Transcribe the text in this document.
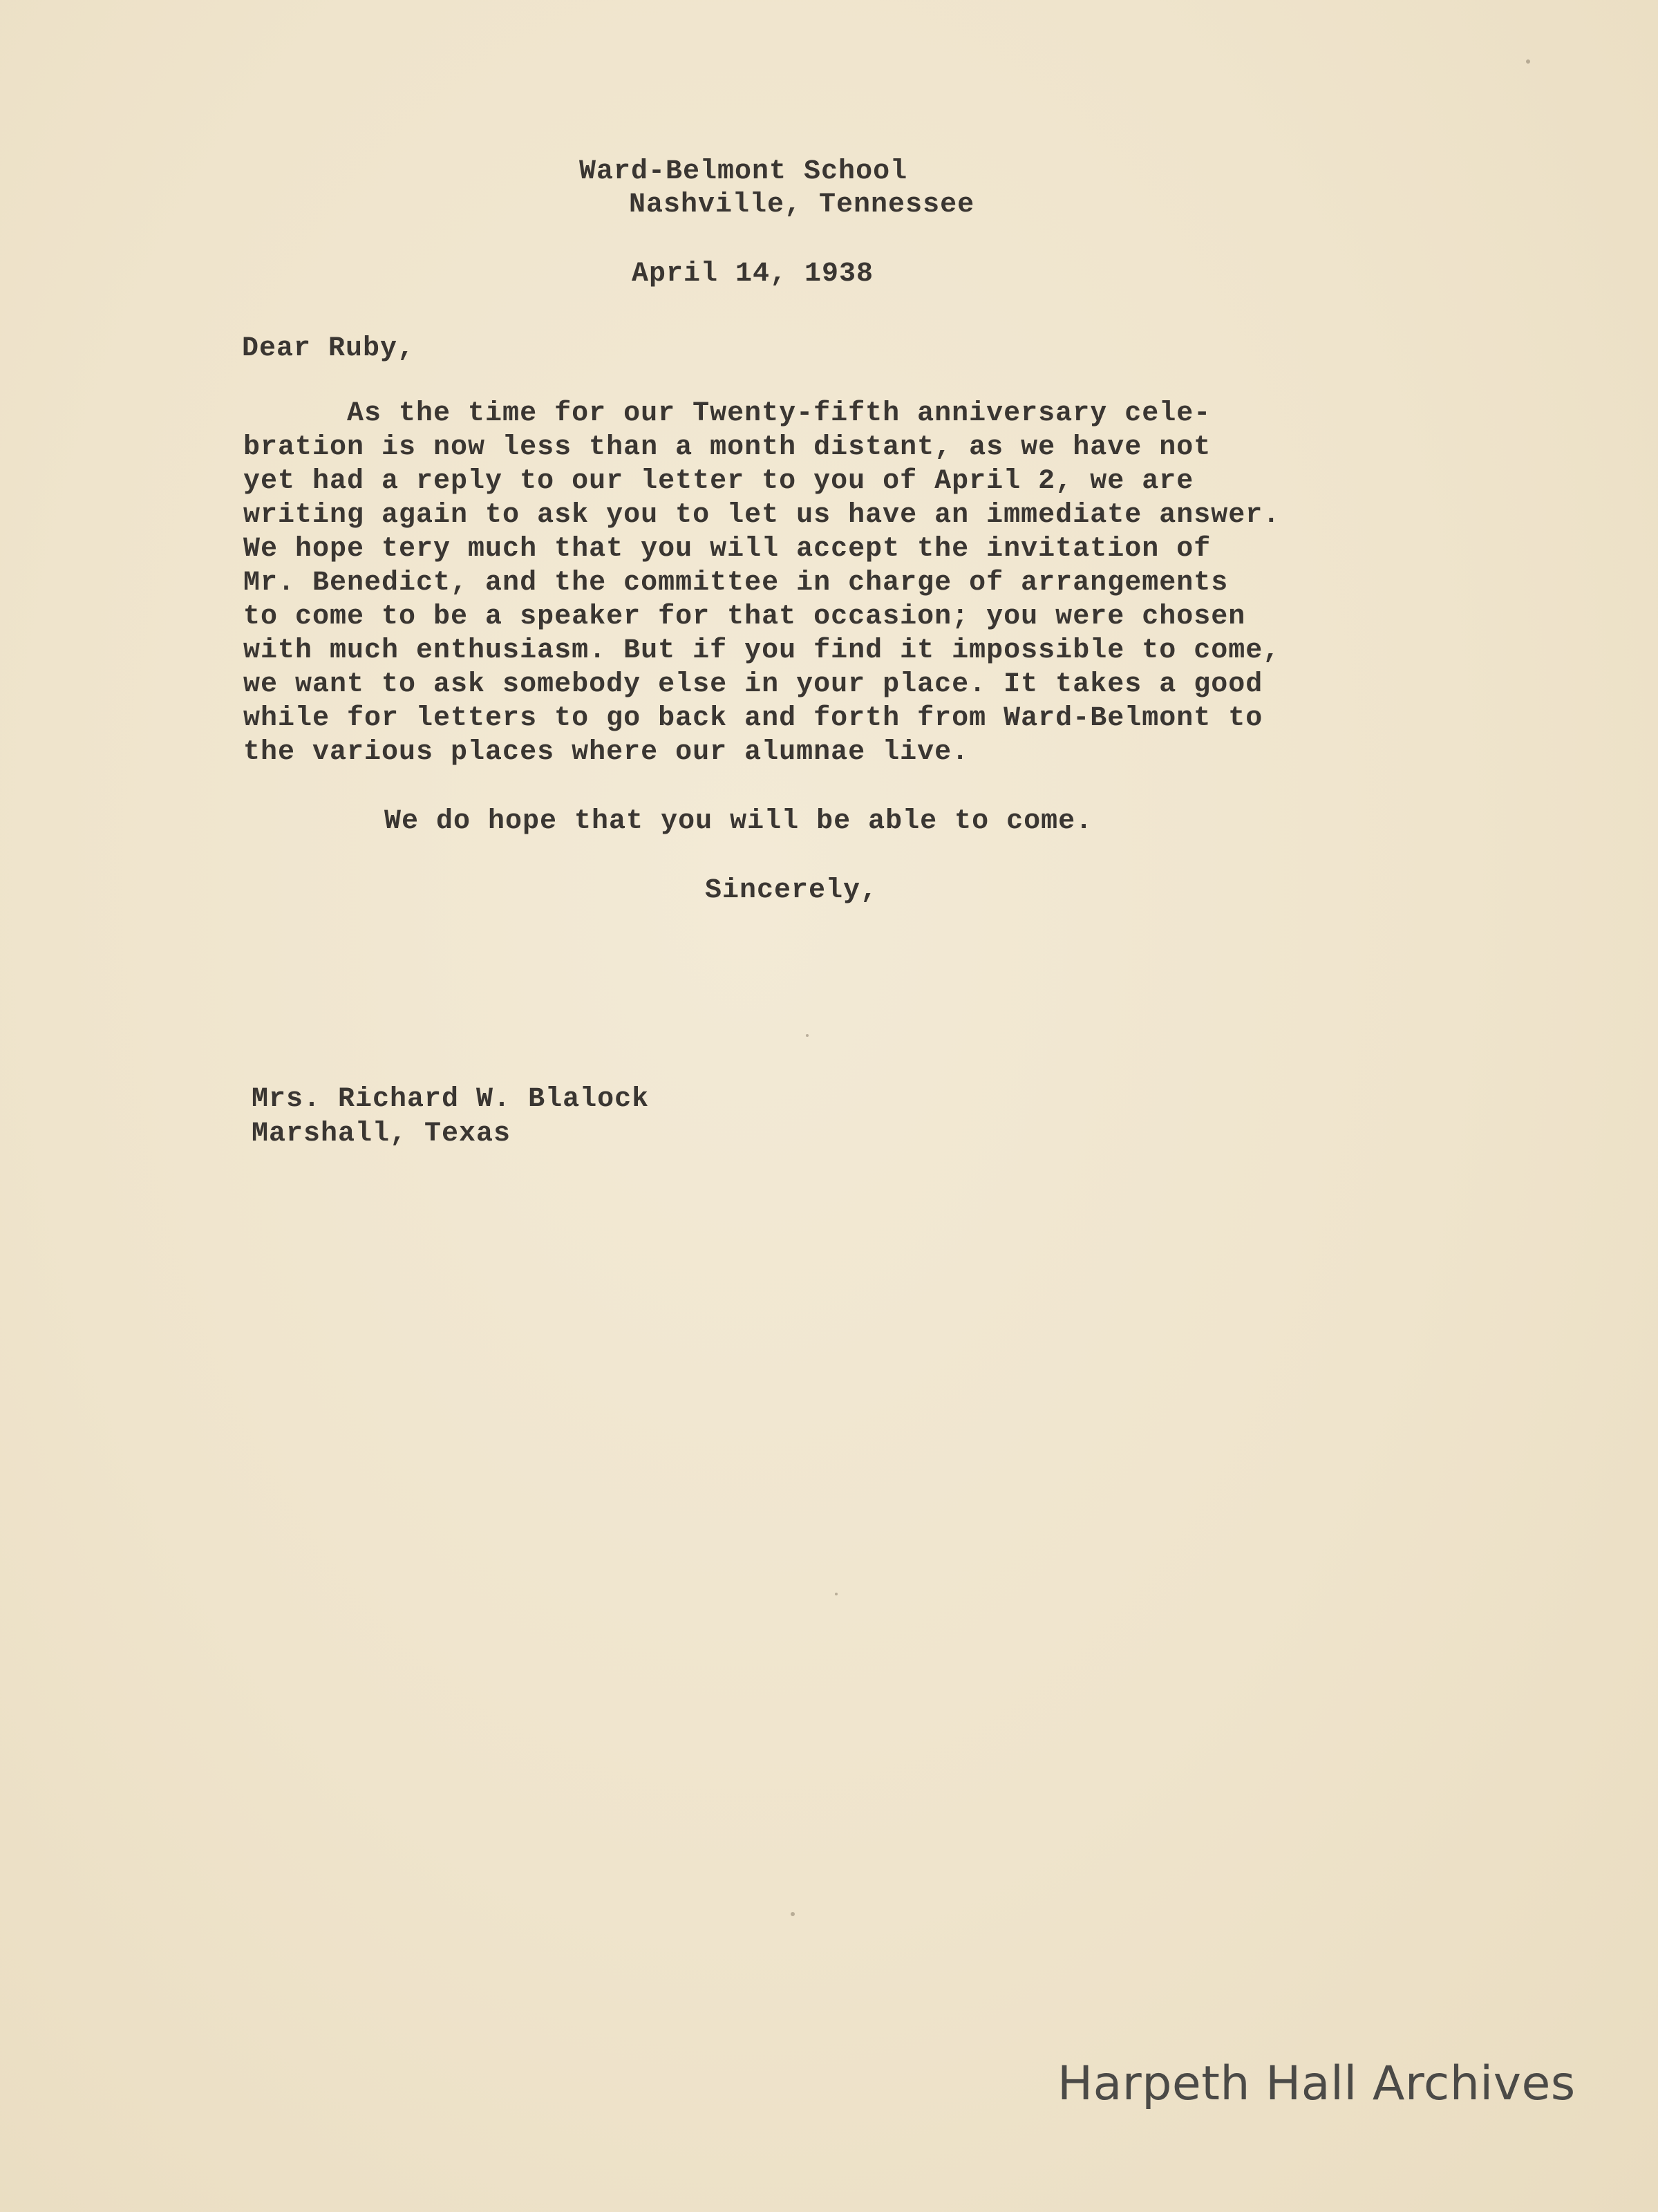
Ward-Belmont School

Nashville, Tennessee

April 14, 1938

Dear Ruby,

As the time for our Twenty-fifth anniversary cele-
bration is now less than a month distant, as we have not
yet had a reply to our letter to you of April 2, we are
writing again to ask you to let us have an immediate answer.
We hope tery much that you will accept the invitation of
Mr. Benedict, and the committee in charge of arrangements
to come to be a speaker for that occasion; you were chosen
with much enthusiasm. But if you find it impossible to come,
we want to ask somebody else in your place. It takes a good
while for letters to go back and forth from Ward-Belmont to
the various places where our alumnae live.

We do hope that you will be able to come.

Sincerely,

Mrs. Richard W. Blalock

Marshall, Texas

Harpeth Hall Archives
